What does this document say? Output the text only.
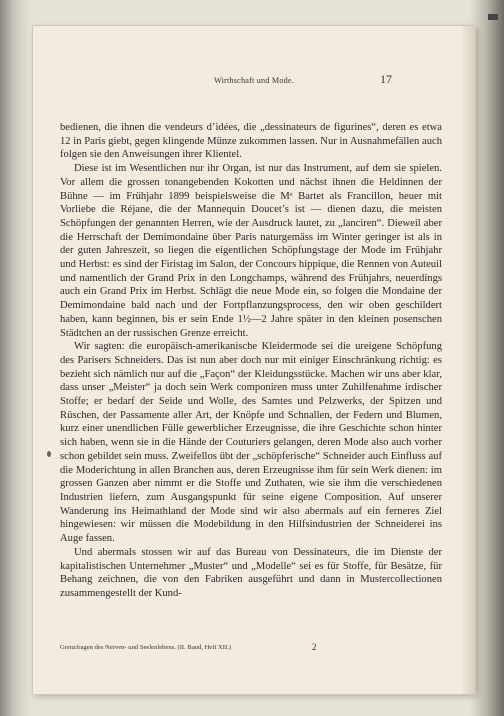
Wirthschaft und Mode.	17

bedienen, die ihnen die vendeurs d’idées, die „dessinateurs de figurines“, deren es etwa 12 in Paris giebt, gegen klingende Münze zukommen lassen. Nur in Ausnahmefällen auch folgen sie den Anweisungen ihrer Klientel.

Diese ist im Wesentlichen nur ihr Organ, ist nur das Instrument, auf dem sie spielen. Vor allem die grossen tonangebenden Kokotten und nächst ihnen die Heldinnen der Bühne — im Frühjahr 1899 beispielsweise die Mᵉ Bartet als Francillon, heuer mit Vorliebe die Réjane, die der Mannequin Doucet’s ist — dienen dazu, die meisten Schöpfungen der genannten Herren, wie der Ausdruck lautet, zu „lanciren“. Dieweil aber die Herrschaft der Demimondaine über Paris naturgemäss im Winter geringer ist als in der guten Jahreszeit, so liegen die eigentlichen Schöpfungstage der Mode im Frühjahr und Herbst: es sind der Firistag im Salon, der Concours hippique, die Rennen von Auteuil und namentlich der Grand Prix in den Longchamps, während des Frühjahrs, neuerdings auch ein Grand Prix im Herbst. Schlägt die neue Mode ein, so folgen die Mondaine der Demimondaine bald nach und der Fortpflanzungsprocess, den wir oben geschildert haben, kann beginnen, bis er sein Ende 1½—2 Jahre später in den kleinen posenschen Städtchen an der russischen Grenze erreicht.

Wir sagten: die europäisch-amerikanische Kleidermode sei die ureigene Schöpfung des Parisers Schneiders. Das ist nun aber doch nur mit einiger Einschränkung richtig: es bezieht sich nämlich nur auf die „Façon“ der Kleidungsstücke. Machen wir uns aber klar, dass unser „Meister“ ja doch sein Werk componiren muss unter Zuhilfenahme irdischer Stoffe; er bedarf der Seide und Wolle, des Samtes und Pelzwerks, der Spitzen und Rüschen, der Passamente aller Art, der Knöpfe und Schnallen, der Federn und Blumen, kurz einer unendlichen Fülle gewerblicher Erzeugnisse, die ihre Geschichte schon hinter sich haben, wenn sie in die Hände der Couturiers gelangen, deren Mode also auch vorher schon gebildet sein muss. Zweifellos übt der „schöpferische“ Schneider auch Einfluss auf die Moderichtung in allen Branchen aus, deren Erzeugnisse ihm für sein Werk dienen: im grossen Ganzen aber nimmt er die Stoffe und Zuthaten, wie sie ihm die verschiedenen Industrien liefern, zum Ausgangspunkt für seine eigene Composition. Auf unserer Wanderung ins Heimathland der Mode sind wir also abermals auf ein ferneres Ziel hingewiesen: wir müssen die Modebildung in den Hilfsindustrien der Schneiderei ins Auge fassen.

Und abermals stossen wir auf das Bureau von Dessinateurs, die im Dienste der kapitalistischen Unternehmer „Muster“ und „Modelle“ sei es für Stoffe, für Besätze, für Behang zeichnen, die von den Fabriken ausgeführt und dann in Mustercollectionen zusammengestellt der Kund-

Grenzfragen des Nerven- und Seelenlebens. (II. Band, Heft XII.)	2
